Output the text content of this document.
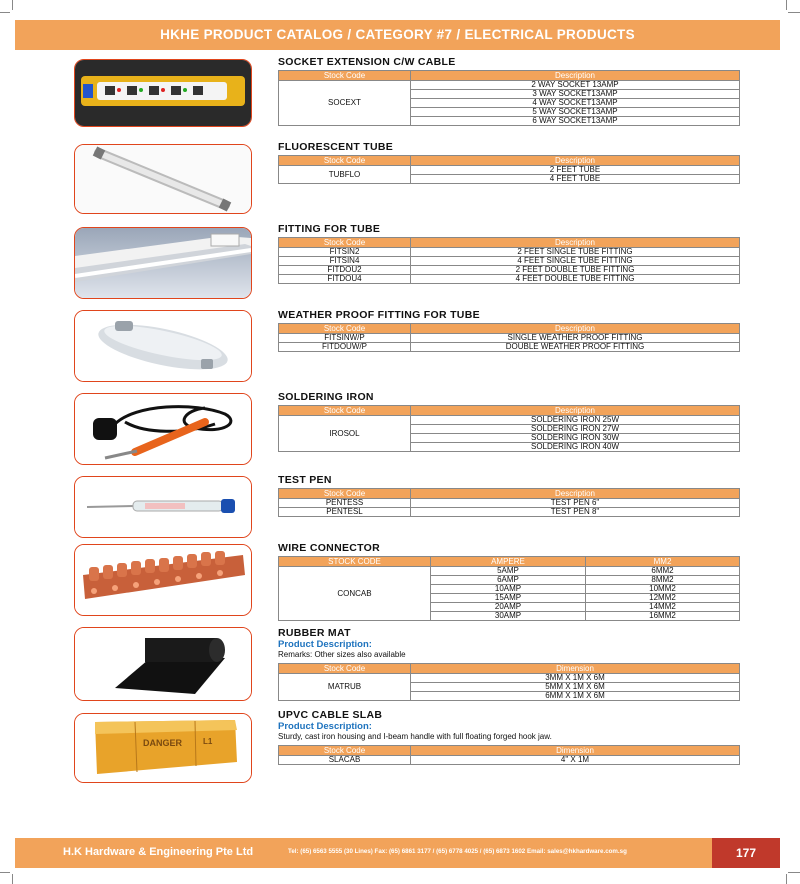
HKHE PRODUCT CATALOG / CATEGORY #7 / ELECTRICAL PRODUCTS
DANGER	L1
SOCKET EXTENSION C/W CABLE
Stock Code	Description
SOCEXT	2 WAY SOCKET 13AMP
	3 WAY SOCKET13AMP
	4 WAY SOCKET13AMP
	5 WAY SOCKET13AMP
	6 WAY SOCKET13AMP
FLUORESCENT TUBE
Stock Code	Description
TUBFLO	2 FEET TUBE
	4 FEET TUBE
FITTING FOR TUBE
Stock Code	Description
FITSIN2	2 FEET SINGLE TUBE FITTING
FITSIN4	4 FEET SINGLE TUBE FITTING
FITDOU2	2 FEET DOUBLE TUBE FITTING
FITDOU4	4 FEET DOUBLE TUBE FITTING
WEATHER PROOF FITTING FOR TUBE
Stock Code	Description
FITSINW/P	SINGLE WEATHER PROOF FITTING
FITDOUW/P	DOUBLE WEATHER PROOF FITTING
SOLDERING IRON
Stock Code	Description
IROSOL	SOLDERING IRON 25W
	SOLDERING IRON 27W
	SOLDERING IRON 30W
	SOLDERING IRON 40W
TEST PEN
Stock Code	Description
PENTESS	TEST PEN 6"
PENTESL	TEST PEN 8"
WIRE CONNECTOR
STOCK CODE	AMPERE	MM2
CONCAB	5AMP	6MM2
	6AMP	8MM2
	10AMP	10MM2
	15AMP	12MM2
	20AMP	14MM2
	30AMP	16MM2
RUBBER MAT
Product Description:
Remarks: Other sizes also available
Stock Code	Dimension
MATRUB	3MM X 1M X 6M
	5MM X 1M X 6M
	6MM X 1M X 6M
UPVC CABLE SLAB
Product Description:
Sturdy, cast iron housing and I-beam handle with full floating forged hook jaw.
Stock Code	Dimension
SLACAB	4" X 1M
H.K Hardware & Engineering Pte Ltd	Tel: (65) 6563 5555 (30 Lines) Fax: (65) 6861 3177 / (65) 6778 4025 / (65) 6873 1602 Email: sales@hkhardware.com.sg	177
